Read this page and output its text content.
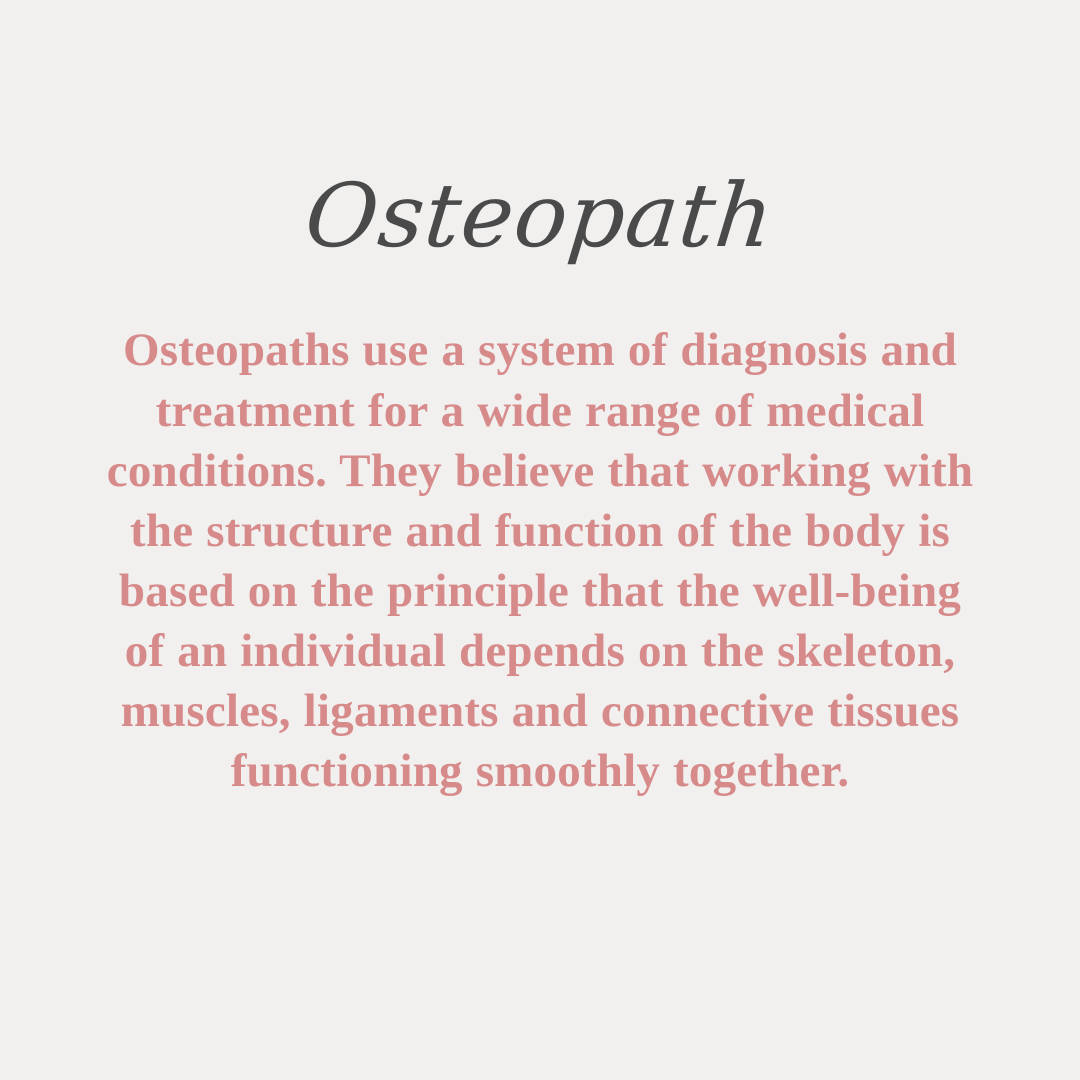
Osteopath

Osteopaths use a system of diagnosis and treatment for a wide range of medical conditions. They believe that working with the structure and function of the body is based on the principle that the well-being of an individual depends on the skeleton, muscles, ligaments and connective tissues functioning smoothly together.
